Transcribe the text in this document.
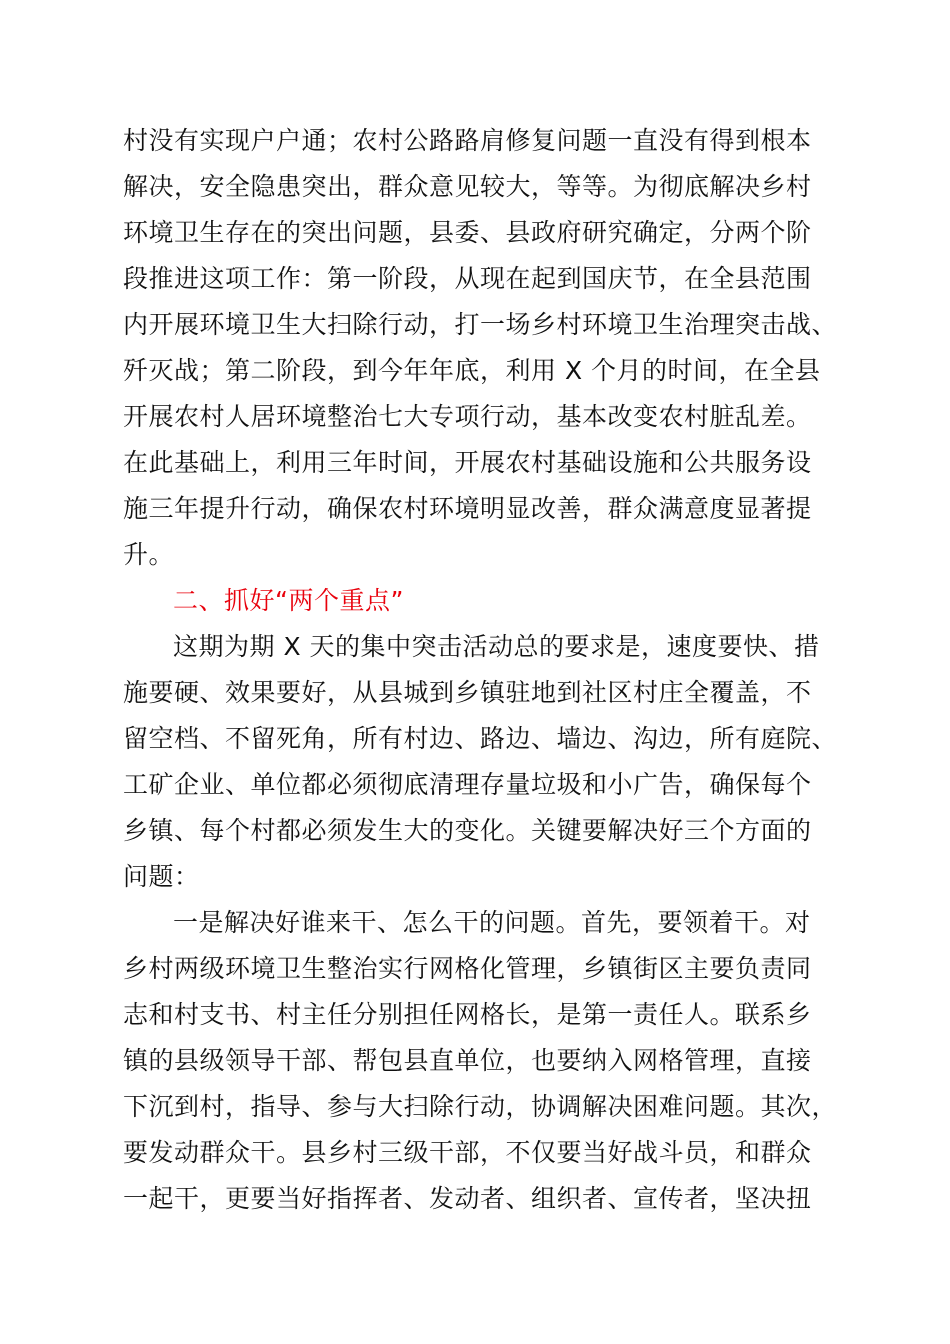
村没有实现户户通；农村公路路肩修复问题一直没有得到根本
解决，安全隐患突出，群众意见较大，等等。为彻底解决乡村
环境卫生存在的突出问题，县委、县政府研究确定，分两个阶
段推进这项工作：第一阶段，从现在起到国庆节，在全县范围
内开展环境卫生大扫除行动，打一场乡村环境卫生治理突击战、
歼灭战；第二阶段，到今年年底，利用 X 个月的时间，在全县
开展农村人居环境整治七大专项行动，基本改变农村脏乱差。
在此基础上，利用三年时间，开展农村基础设施和公共服务设
施三年提升行动，确保农村环境明显改善，群众满意度显著提
升。
二、抓好“两个重点”
这期为期 X 天的集中突击活动总的要求是，速度要快、措
施要硬、效果要好，从县城到乡镇驻地到社区村庄全覆盖，不
留空档、不留死角，所有村边、路边、墙边、沟边，所有庭院、
工矿企业、单位都必须彻底清理存量垃圾和小广告，确保每个
乡镇、每个村都必须发生大的变化。关键要解决好三个方面的
问题：
一是解决好谁来干、怎么干的问题。首先，要领着干。对
乡村两级环境卫生整治实行网格化管理，乡镇街区主要负责同
志和村支书、村主任分别担任网格长，是第一责任人。联系乡
镇的县级领导干部、帮包县直单位，也要纳入网格管理，直接
下沉到村，指导、参与大扫除行动，协调解决困难问题。其次，
要发动群众干。县乡村三级干部，不仅要当好战斗员，和群众
一起干，更要当好指挥者、发动者、组织者、宣传者，坚决扭
